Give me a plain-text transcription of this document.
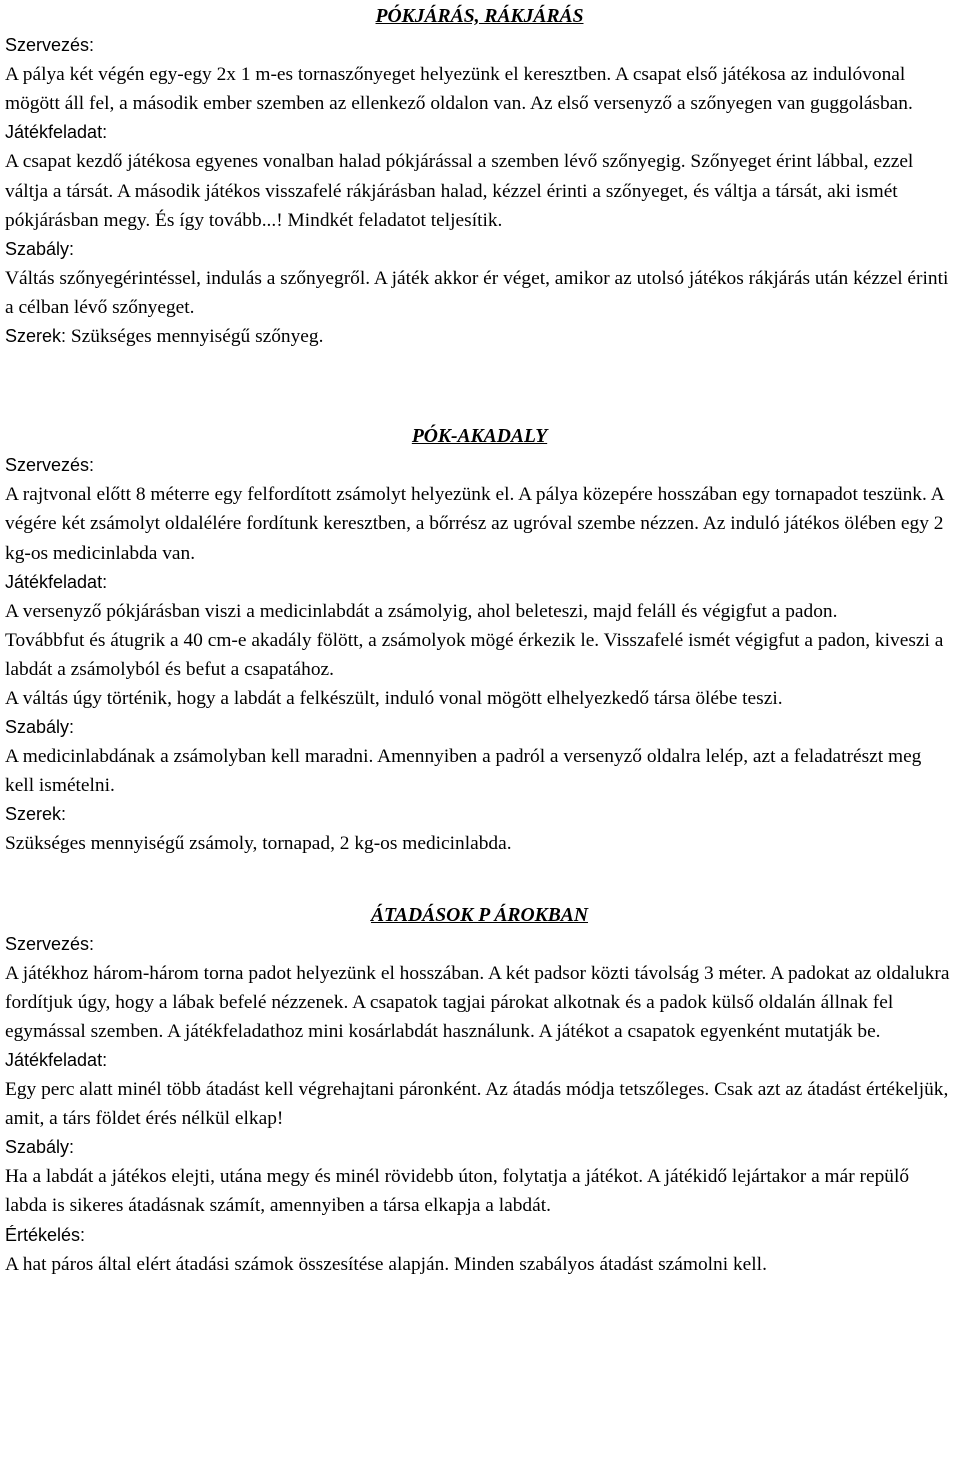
PÓKJÁRÁS, RÁKJÁRÁS
Szervezés:
A pálya két végén egy-egy 2x 1 m-es tornaszőnyeget helyezünk el keresztben. A csapat első játékosa az indulóvonal mögött áll fel, a második ember szemben az ellenkező oldalon van. Az első versenyző a szőnyegen van guggolásban.
Játékfeladat:
A csapat kezdő játékosa egyenes vonalban halad pókjárással a szemben lévő szőnyegig. Szőnyeget érint lábbal, ezzel váltja a társát. A második játékos visszafelé rákjárásban halad, kézzel érinti a szőnyeget, és váltja a társát, aki ismét pókjárásban megy. És így tovább...! Mindkét feladatot teljesítik.
Szabály:
Váltás szőnyegérintéssel, indulás a szőnyegről. A játék akkor ér véget, amikor az utolsó játékos rákjárás után kézzel érinti a célban lévő szőnyeget.
Szerek: Szükséges mennyiségű szőnyeg.
PÓK-AKADALY
Szervezés:
A rajtvonal előtt 8 méterre egy felfordított zsámolyt helyezünk el. A pálya közepére hosszában egy tornapadot teszünk. A végére két zsámolyt oldalélére fordítunk keresztben, a bőrrész az ugróval szembe nézzen. Az induló játékos ölében egy 2 kg-os medicinlabda van.
Játékfeladat:
A versenyző pókjárásban viszi a medicinlabdát a zsámolyig, ahol beleteszi, majd feláll és végigfut a padon.
Továbbfut és átugrik a 40 cm-e akadály fölött, a zsámolyok mögé érkezik le. Visszafelé ismét végigfut a padon, kiveszi a labdát a zsámolyból és befut a csapatához.
A váltás úgy történik, hogy a labdát a felkészült, induló vonal mögött elhelyezkedő társa ölébe teszi.
Szabály:
A medicinlabdának a zsámolyban kell maradni. Amennyiben a padról a versenyző oldalra lelép, azt a feladatrészt meg kell ismételni.
Szerek:
Szükséges mennyiségű zsámoly, tornapad, 2 kg-os medicinlabda.
ÁTADÁSOK P ÁROKBAN
Szervezés:
A játékhoz három-három torna padot helyezünk el hosszában. A két padsor közti távolság 3 méter. A padokat az oldalukra fordítjuk úgy, hogy a lábak befelé nézzenek. A csapatok tagjai párokat alkotnak és a padok külső oldalán állnak fel egymással szemben. A játékfeladathoz mini kosárlabdát használunk. A játékot a csapatok egyenként mutatják be.
Játékfeladat:
Egy perc alatt minél több átadást kell végrehajtani páronként. Az átadás módja tetszőleges. Csak azt az átadást értékeljük, amit, a társ földet érés nélkül elkap!
Szabály:
Ha a labdát a játékos elejti, utána megy és minél rövidebb úton, folytatja a játékot. A játékidő lejártakor a már repülő labda is sikeres átadásnak számít, amennyiben a társa elkapja a labdát.
Értékelés:
A hat páros által elért átadási számok összesítése alapján. Minden szabályos átadást számolni kell.
